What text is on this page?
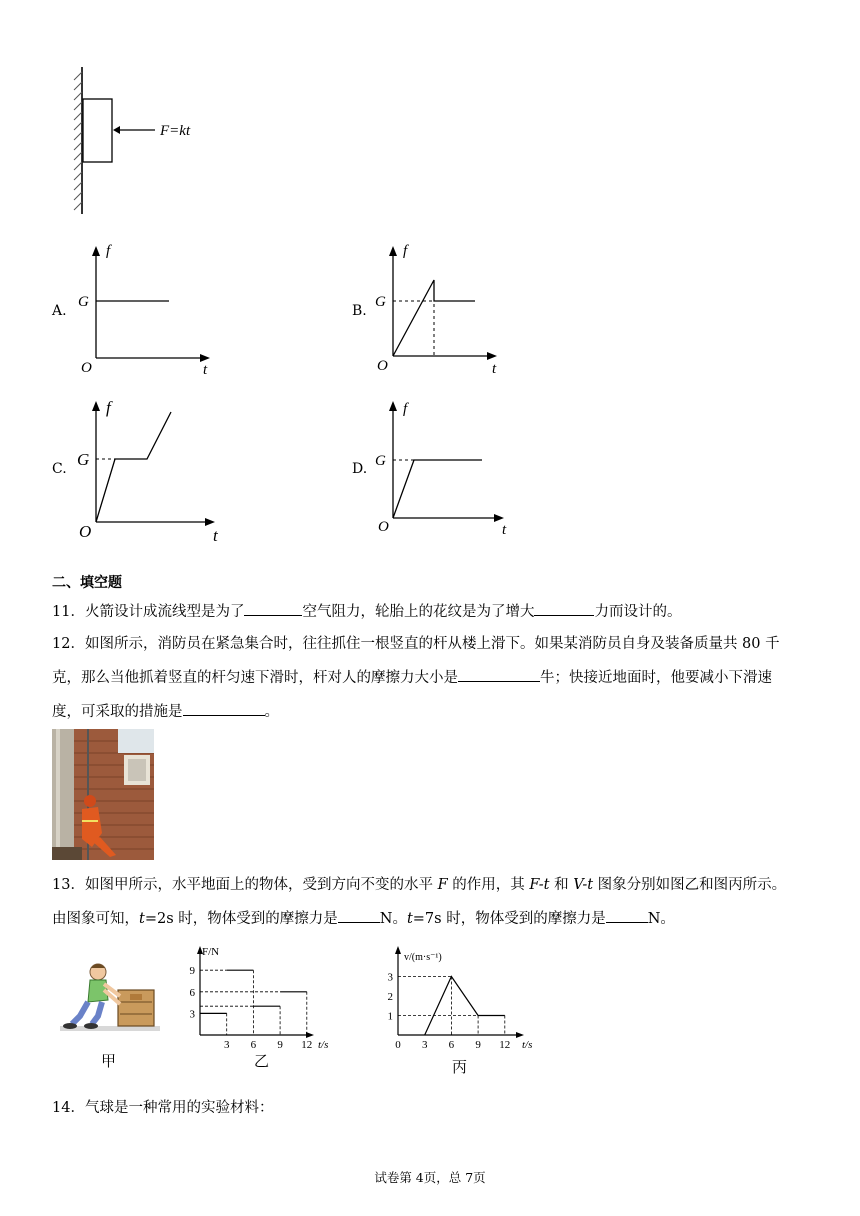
F=kt
A.
f
t
O
G
B.
f
t
O
G
C.
f
t
O
G	D.
f
t
O
G
二、填空题
11．火箭设计成流线型是为了	空气阻力，轮胎上的花纹是为了增大	力而设计的。
12．如图所示，消防员在紧急集合时，往往抓住一根竖直的杆从楼上滑下。如果某消防员自身及装备质量共 80 千
克，那么当他抓着竖直的杆匀速下滑时，杆对人的摩擦力大小是	牛；快接近地面时，他要减小下滑速
度，可采取的措施是	。
13．如图甲所示，水平地面上的物体，受到方向不变的水平 F 的作用，其 F-t 和 V-t 图象分别如图乙和图丙所示。
由图象可知，t=2s 时，物体受到的摩擦力是	N。t=7s 时，物体受到的摩擦力是	N。
甲
3 6 9 12
3
6
9
F/N
t/s
乙
0 3 6 9 12
1
2
3
v/(m·s⁻¹)
t/s
丙
14．气球是一种常用的实验材料：
试卷第 4页，总 7页
